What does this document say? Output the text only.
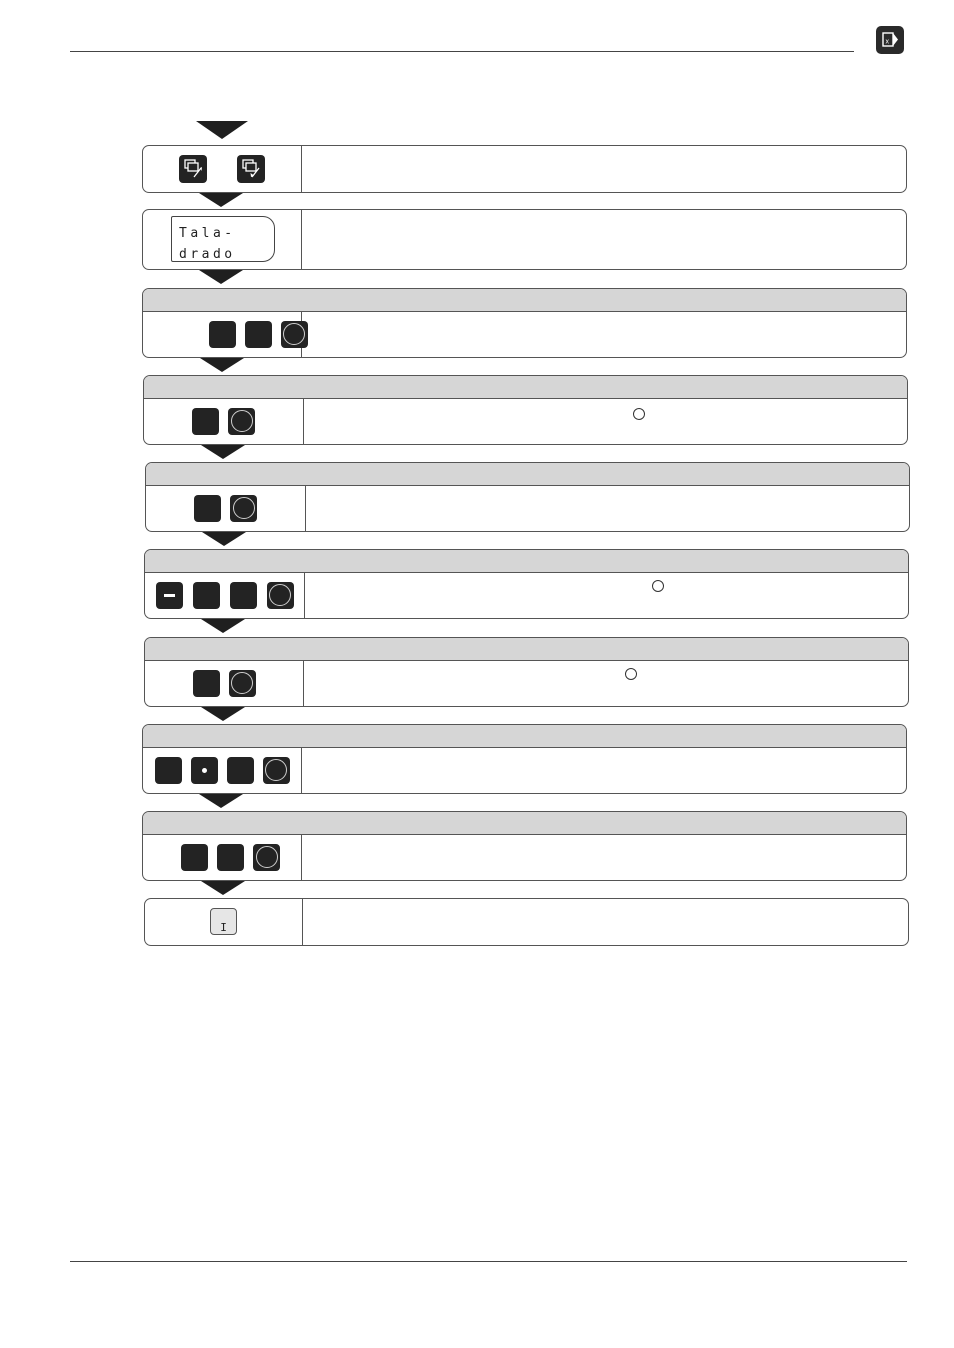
x
Tala-
drado
I
